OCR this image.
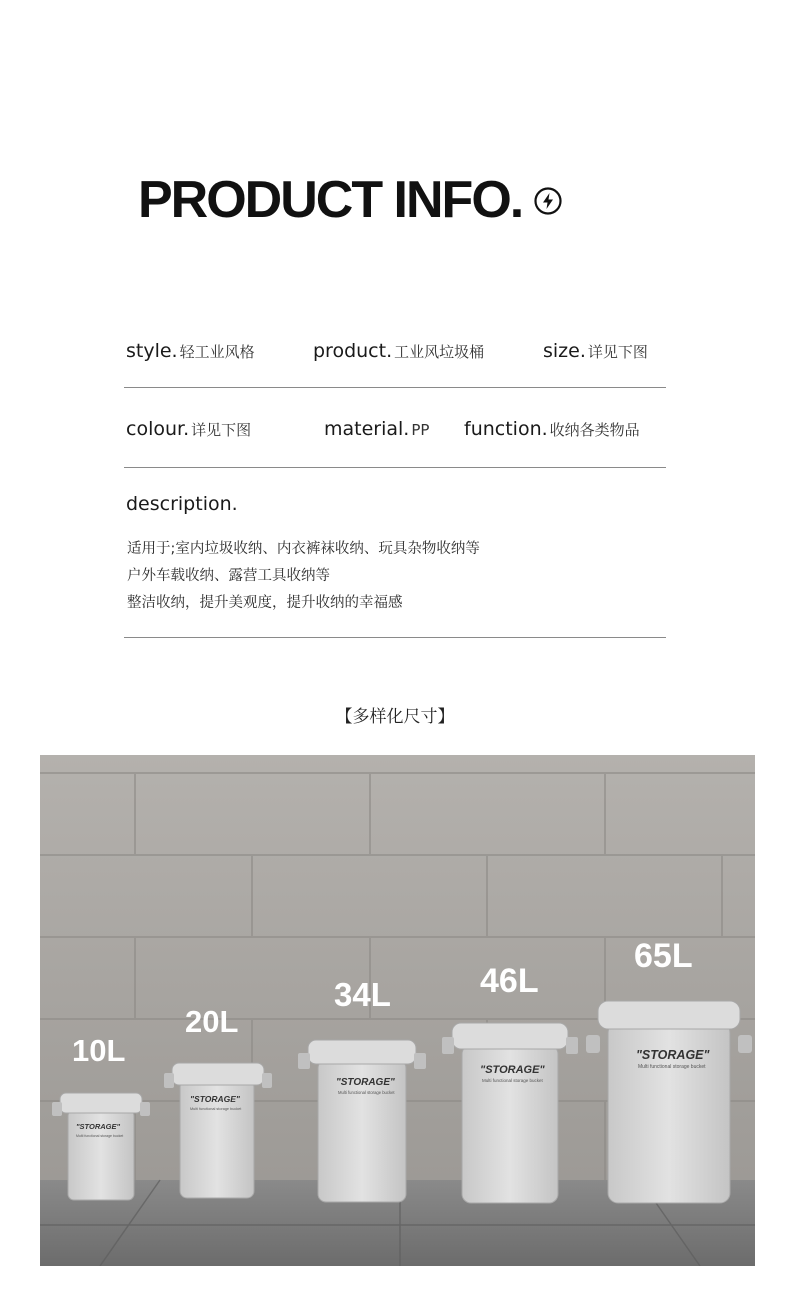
PRODUCT INFO.
style. 轻工业风格	product. 工业风垃圾桶	size. 详见下图
colour. 详见下图	material. PP function. 收纳各类物品
description.
适用于;室内垃圾收纳、内衣裤袜收纳、玩具杂物收纳等
户外车载收纳、露营工具收纳等
整洁收纳，提升美观度，提升收纳的幸福感
【多样化尺寸】
"STORAGE"
Multi functional storage bucket
10L
"STORAGE"
Multi functional storage bucket
20L
"STORAGE"
Multi functional storage bucket
34L
"STORAGE"
Multi functional storage bucket
46L
"STORAGE"
Multi functional storage bucket
65L
